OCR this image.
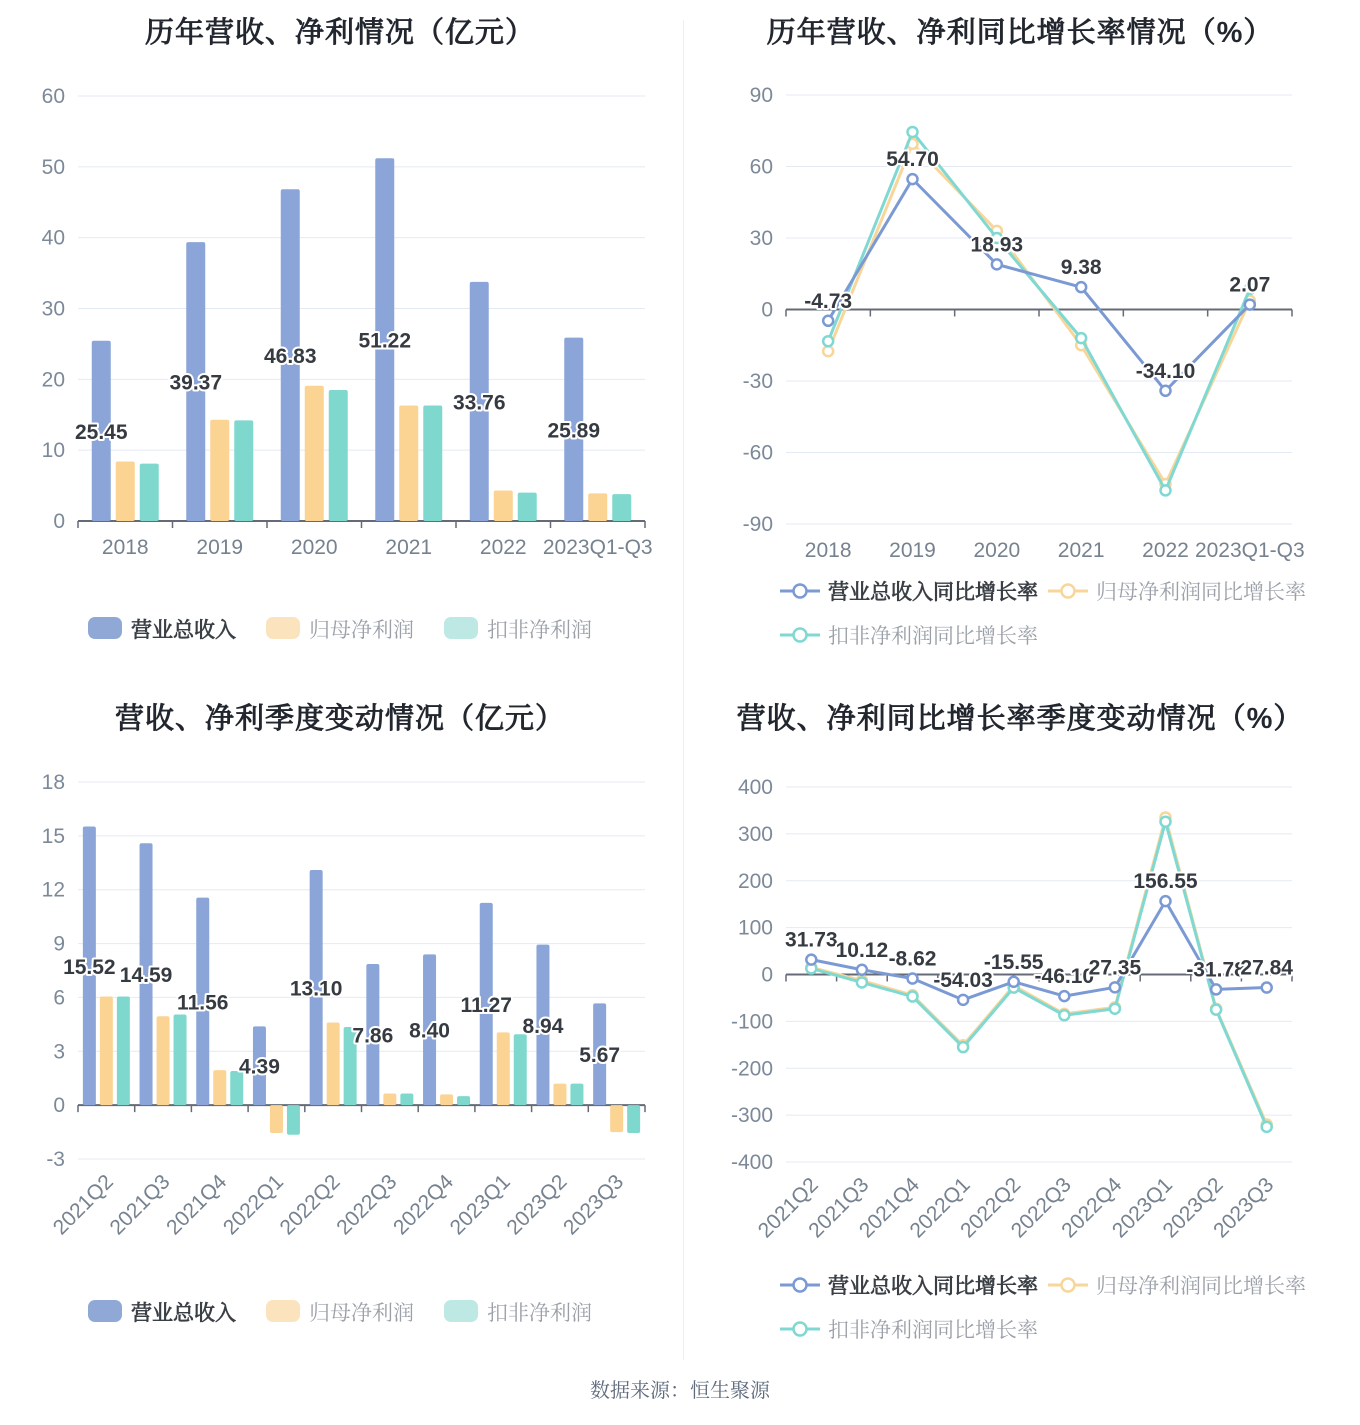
历年营收、净利情况（亿元）
0
10
20
30
40
50
60
25.45
39.37
46.83
51.22
33.76
25.89
2018 2019 2020 2021 2022 2023Q1-Q3
营业总收入	归母净利润	扣非净利润
历年营收、净利同比增长率情况（%）
-90
-60
-30
0
30
60
90
-4.73
54.70
18.93
9.38
-34.10
2.07
2018 2019 2020 2021 2022 2023Q1-Q3
营业总收入同比增长率	归母净利润同比增长率
扣非净利润同比增长率
营收、净利季度变动情况（亿元）
-3
0
3
6
9
12
15
18
15.52 14.59
11.56
4.39
13.10
7.86 8.40
11.27
8.94
5.67
2021Q2
2021Q3
2021Q4
2022Q1
2022Q2
2022Q3
2022Q4
2023Q1
2023Q2
2023Q3
营业总收入	归母净利润	扣非净利润
营收、净利同比增长率季度变动情况（%）
-400
-300
-200
-100
0
100
200
300
400
31.73
10.12 -8.62
-54.03
-15.55
-46.10
27.35
156.55
-31.78
27.84
2021Q2
2021Q3
2021Q4
2022Q1
2022Q2
2022Q3
2022Q4
2023Q1
2023Q2
2023Q3
营业总收入同比增长率	归母净利润同比增长率
扣非净利润同比增长率
数据来源：恒生聚源
